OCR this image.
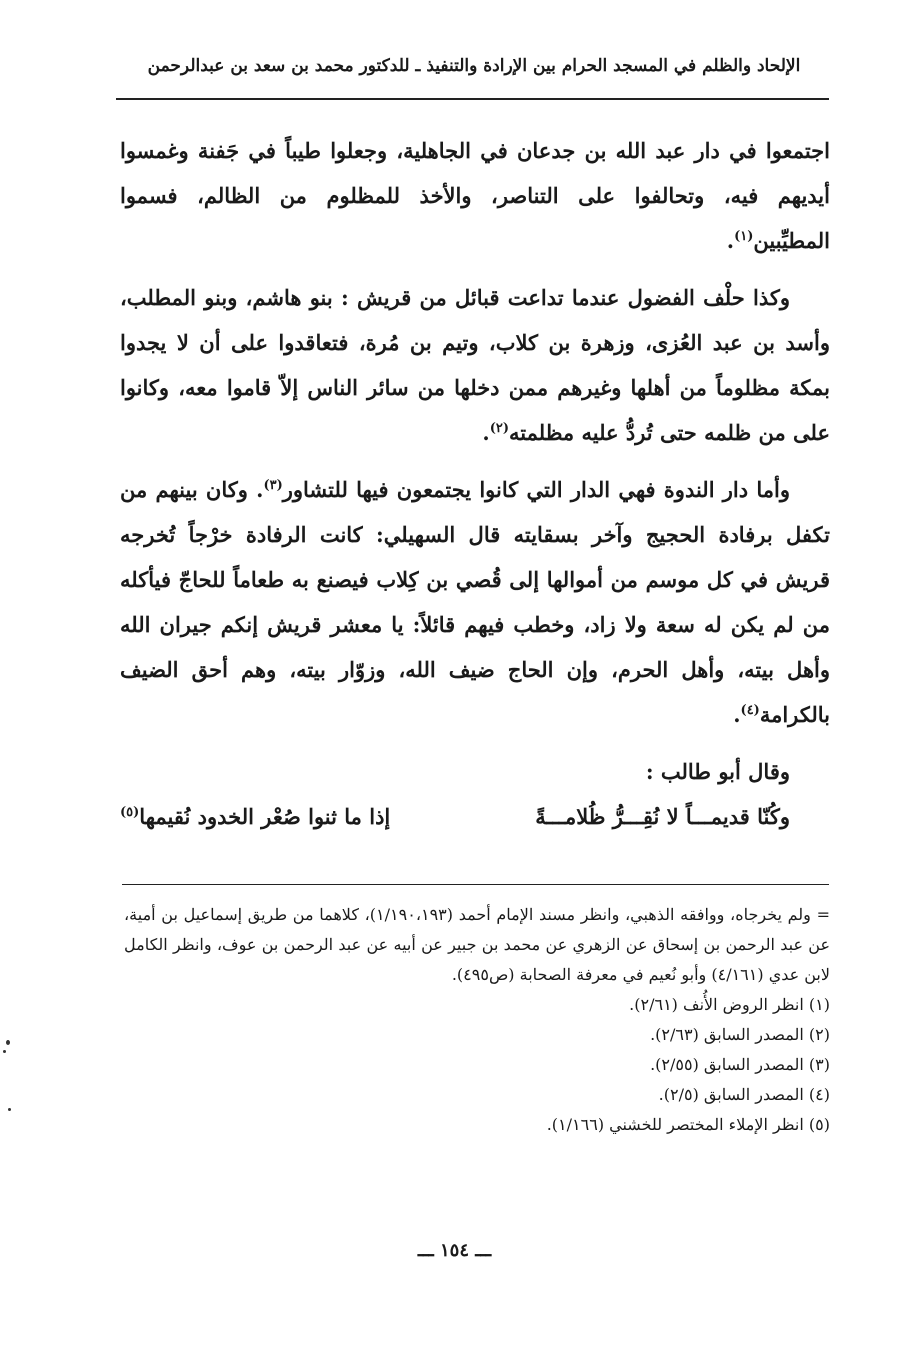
الإلحاد والظلم في المسجد الحرام بين الإرادة والتنفيذ ـ للدكتور محمد بن سعد بن عبدالرحمن

اجتمعوا في دار عبد الله بن جدعان في الجاهلية، وجعلوا طيباً في جَفنة وغمسوا أيديهم فيه، وتحالفوا على التناصر، والأخذ للمظلوم من الظالم، فسموا المطيِّبين$^{(١)}$.

وكذا حلْف الفضول عندما تداعت قبائل من قريش : بنو هاشم، وبنو المطلب، وأسد بن عبد العُزى، وزهرة بن كلاب، وتيم بن مُرة، فتعاقدوا على أن لا يجدوا بمكة مظلوماً من أهلها وغيرهم ممن دخلها من سائر الناس إلاّ قاموا معه، وكانوا على من ظلمه حتى تُردُّ عليه مظلمته$^{(٢)}$.

وأما دار الندوة فهي الدار التي كانوا يجتمعون فيها للتشاور$^{(٣)}$. وكان بينهم من تكفل برفادة الحجيج وآخر بسقايته قال السهيلي: كانت الرفادة خرْجاً تُخرجه قريش في كل موسم من أموالها إلى قُصي بن كِلاب فيصنع به طعاماً للحاجّ فيأكله من لم يكن له سعة ولا زاد، وخطب فيهم قائلاً: يا معشر قريش إنكم جيران الله وأهل بيته، وأهل الحرم، وإن الحاج ضيف الله، وزوّار بيته، وهم أحق الضيف بالكرامة$^{(٤)}$.

وقال أبو طالب :

وكُنّا قديمـــاً لا نُقِـــرُّ ظُلامـــةً
إذا ما ثنوا صُعْر الخدود نُقيمها$^{(٥)}$

= ولم يخرجاه، ووافقه الذهبي، وانظر مسند الإمام أحمد (١/١٩٠،١٩٣)، كلاهما من طريق إسماعيل بن أمية، عن عبد الرحمن بن إسحاق عن الزهري عن محمد بن جبير عن أبيه عن عبد الرحمن بن عوف، وانظر الكامل لابن عدي (٤/١٦١) وأبو نُعيم في معرفة الصحابة (ص٤٩٥).

(١) انظر الروض الأُنف (٢/٦١).

(٢) المصدر السابق (٢/٦٣).

(٣) المصدر السابق (٢/٥٥).

(٤) المصدر السابق (٢/٥).

(٥) انظر الإملاء المختصر للخشني (١/١٦٦).

ـــ ١٥٤ ـــ
